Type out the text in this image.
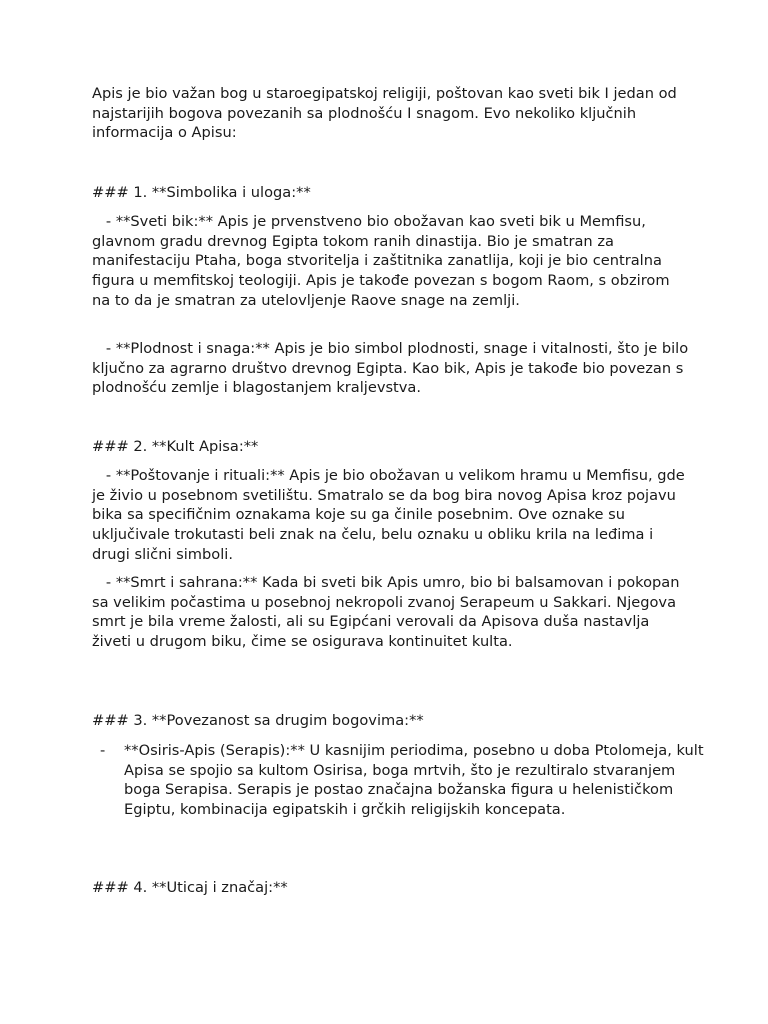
Apis je bio važan bog u staroegipatskoj religiji, poštovan kao sveti bik I jedan od najstarijih bogova povezanih sa plodnošću I snagom. Evo nekoliko ključnih informacija o Apisu:
### 1. **Simbolika i uloga:**
- **Sveti bik:** Apis je prvenstveno bio obožavan kao sveti bik u Memfisu, glavnom gradu drevnog Egipta tokom ranih dinastija. Bio je smatran za manifestaciju Ptaha, boga stvoritelja i zaštitnika zanatlija, koji je bio centralna figura u memfitskoj teologiji. Apis je takođe povezan s bogom Raom, s obzirom na to da je smatran za utelovljenje Raove snage na zemlji.
- **Plodnost i snaga:** Apis je bio simbol plodnosti, snage i vitalnosti, što je bilo ključno za agrarno društvo drevnog Egipta. Kao bik, Apis je takođe bio povezan s plodnošću zemlje i blagostanjem kraljevstva.
### 2. **Kult Apisa:**
- **Poštovanje i rituali:** Apis je bio obožavan u velikom hramu u Memfisu, gde je živio u posebnom svetilištu. Smatralo se da bog bira novog Apisa kroz pojavu bika sa specifičnim oznakama koje su ga činile posebnim. Ove oznake su uključivale trokutasti beli znak na čelu, belu oznaku u obliku krila na leđima i drugi slični simboli.
- **Smrt i sahrana:** Kada bi sveti bik Apis umro, bio bi balsamovan i pokopan sa velikim počastima u posebnoj nekropoli zvanoj Serapeum u Sakkari. Njegova smrt je bila vreme žalosti, ali su Egipćani verovali da Apisova duša nastavlja živeti u drugom biku, čime se osigurava kontinuitet kulta.
### 3. **Povezanost sa drugim bogovima:**
- **Osiris-Apis (Serapis):** U kasnijim periodima, posebno u doba Ptolomeja, kult Apisa se spojio sa kultom Osirisa, boga mrtvih, što je rezultiralo stvaranjem boga Serapisa. Serapis je postao značajna božanska figura u helenističkom Egiptu, kombinacija egipatskih i grčkih religijskih koncepata.
### 4. **Uticaj i značaj:**
